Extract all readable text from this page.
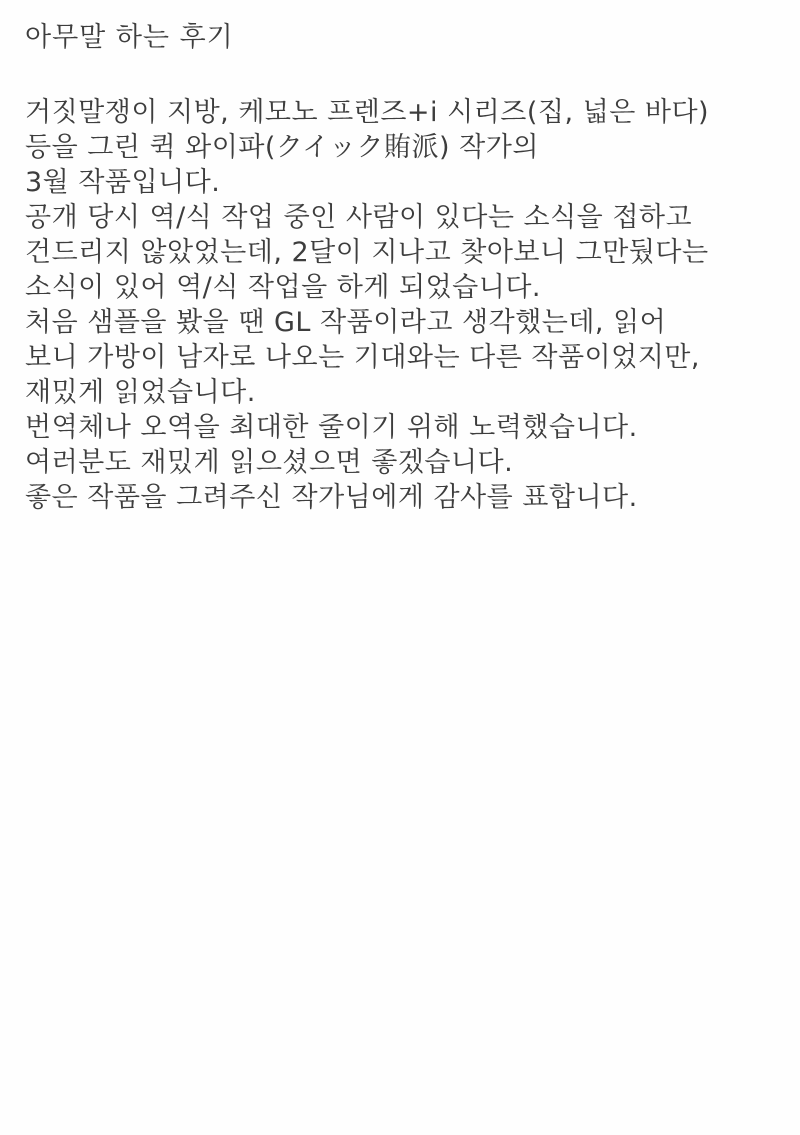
아무말 하는 후기
거짓말쟁이 지방, 케모노 프렌즈+i 시리즈(집, 넓은 바다)
등을 그린 퀵 와이파(クイック賄派) 작가의
3월 작품입니다.
공개 당시 역/식 작업 중인 사람이 있다는 소식을 접하고
건드리지 않았었는데, 2달이 지나고 찾아보니 그만뒀다는
소식이 있어 역/식 작업을 하게 되었습니다.
처음 샘플을 봤을 땐 GL 작품이라고 생각했는데, 읽어
보니 가방이 남자로 나오는 기대와는 다른 작품이었지만,
재밌게 읽었습니다.
번역체나 오역을 최대한 줄이기 위해 노력했습니다.
여러분도 재밌게 읽으셨으면 좋겠습니다.
좋은 작품을 그려주신 작가님에게 감사를 표합니다.
